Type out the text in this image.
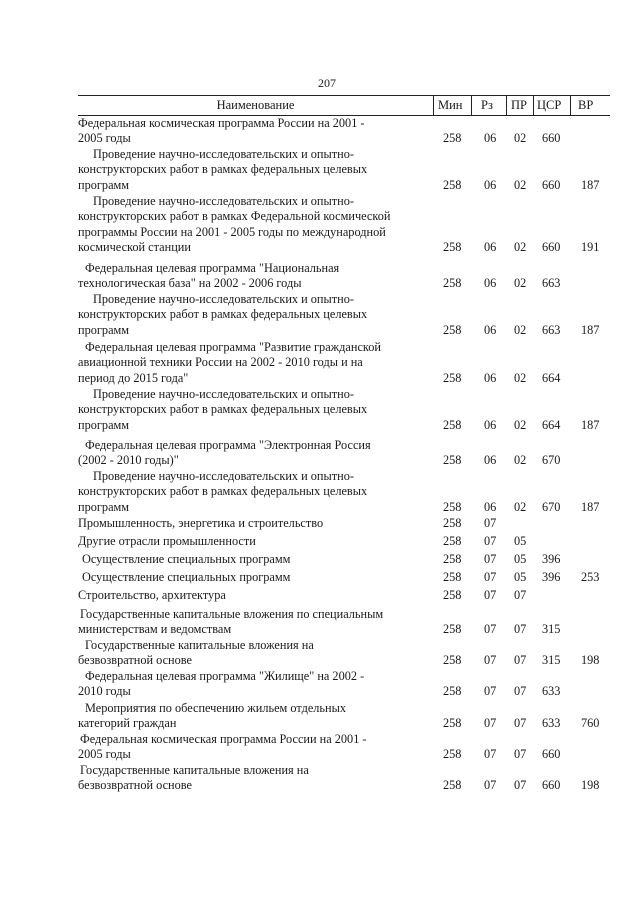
207
Наименование	Мин Рз ПР ЦСР ВР
Федеральная космическая программа России на 2001 -
2005 годы	258 06 02 660
Проведение научно-исследовательских и опытно-
конструкторских работ в рамках федеральных целевых
программ	258 06 02 660 187
Проведение научно-исследовательских и опытно-
конструкторских работ в рамках Федеральной космической
программы России на 2001 - 2005 годы по международной
космической станции	258 06 02 660 191
Федеральная целевая программа "Национальная
технологическая база" на 2002 - 2006 годы	258 06 02 663
Проведение научно-исследовательских и опытно-
конструкторских работ в рамках федеральных целевых
программ	258 06 02 663 187
Федеральная целевая программа "Развитие гражданской
авиационной техники России на 2002 - 2010 годы и на
период до 2015 года"	258 06 02 664
Проведение научно-исследовательских и опытно-
конструкторских работ в рамках федеральных целевых
программ	258 06 02 664 187
Федеральная целевая программа "Электронная Россия
(2002 - 2010 годы)"	258 06 02 670
Проведение научно-исследовательских и опытно-
конструкторских работ в рамках федеральных целевых
программ	258 06 02 670 187
Промышленность, энергетика и строительство	258 07
Другие отрасли промышленности	258 07 05
Осуществление специальных программ	258 07 05 396
Осуществление специальных программ	258 07 05 396 253
Строительство, архитектура	258 07 07
Государственные капитальные вложения по специальным
министерствам и ведомствам	258 07 07 315
Государственные капитальные вложения на
безвозвратной основе	258 07 07 315 198
Федеральная целевая программа "Жилище" на 2002 -
2010 годы	258 07 07 633
Мероприятия по обеспечению жильем отдельных
категорий граждан	258 07 07 633 760
Федеральная космическая программа России на 2001 -
2005 годы	258 07 07 660
Государственные капитальные вложения на
безвозвратной основе	258 07 07 660 198
